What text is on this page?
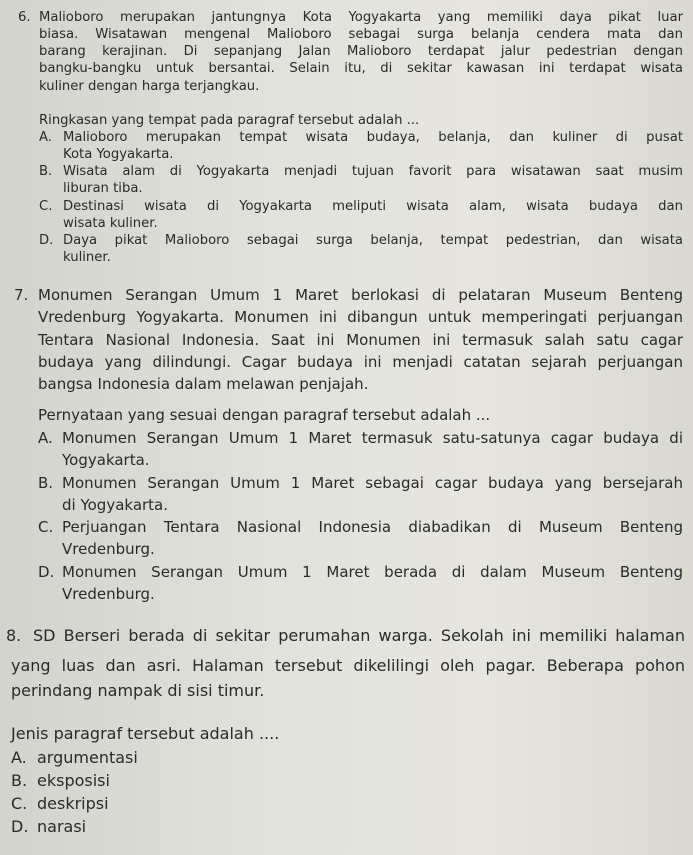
6. Malioboro merupakan jantungnya Kota Yogyakarta yang memiliki daya pikat luar
biasa. Wisatawan mengenal Malioboro sebagai surga belanja cendera mata dan
barang kerajinan. Di sepanjang Jalan Malioboro terdapat jalur pedestrian dengan
bangku-bangku untuk bersantai. Selain itu, di sekitar kawasan ini terdapat wisata
kuliner dengan harga terjangkau.
Ringkasan yang tempat pada paragraf tersebut adalah ...
A. Malioboro merupakan tempat wisata budaya, belanja, dan kuliner di pusat
Kota Yogyakarta.
B. Wisata alam di Yogyakarta menjadi tujuan favorit para wisatawan saat musim
liburan tiba.
C. Destinasi wisata di Yogyakarta meliputi wisata alam, wisata budaya dan
wisata kuliner.
D. Daya pikat Malioboro sebagai surga belanja, tempat pedestrian, dan wisata
kuliner.
7. Monumen Serangan Umum 1 Maret berlokasi di pelataran Museum Benteng
Vredenburg Yogyakarta. Monumen ini dibangun untuk memperingati perjuangan
Tentara Nasional Indonesia. Saat ini Monumen ini termasuk salah satu cagar
budaya yang dilindungi. Cagar budaya ini menjadi catatan sejarah perjuangan
bangsa Indonesia dalam melawan penjajah.
Pernyataan yang sesuai dengan paragraf tersebut adalah ...
A. Monumen Serangan Umum 1 Maret termasuk satu-satunya cagar budaya di
Yogyakarta.
B. Monumen Serangan Umum 1 Maret sebagai cagar budaya yang bersejarah
di Yogyakarta.
C. Perjuangan Tentara Nasional Indonesia diabadikan di Museum Benteng
Vredenburg.
D. Monumen Serangan Umum 1 Maret berada di dalam Museum Benteng
Vredenburg.
8. SD Berseri berada di sekitar perumahan warga. Sekolah ini memiliki halaman
yang luas dan asri. Halaman tersebut dikelilingi oleh pagar. Beberapa pohon
perindang nampak di sisi timur.
Jenis paragraf tersebut adalah ....
A. argumentasi
B. eksposisi
C. deskripsi
D. narasi
